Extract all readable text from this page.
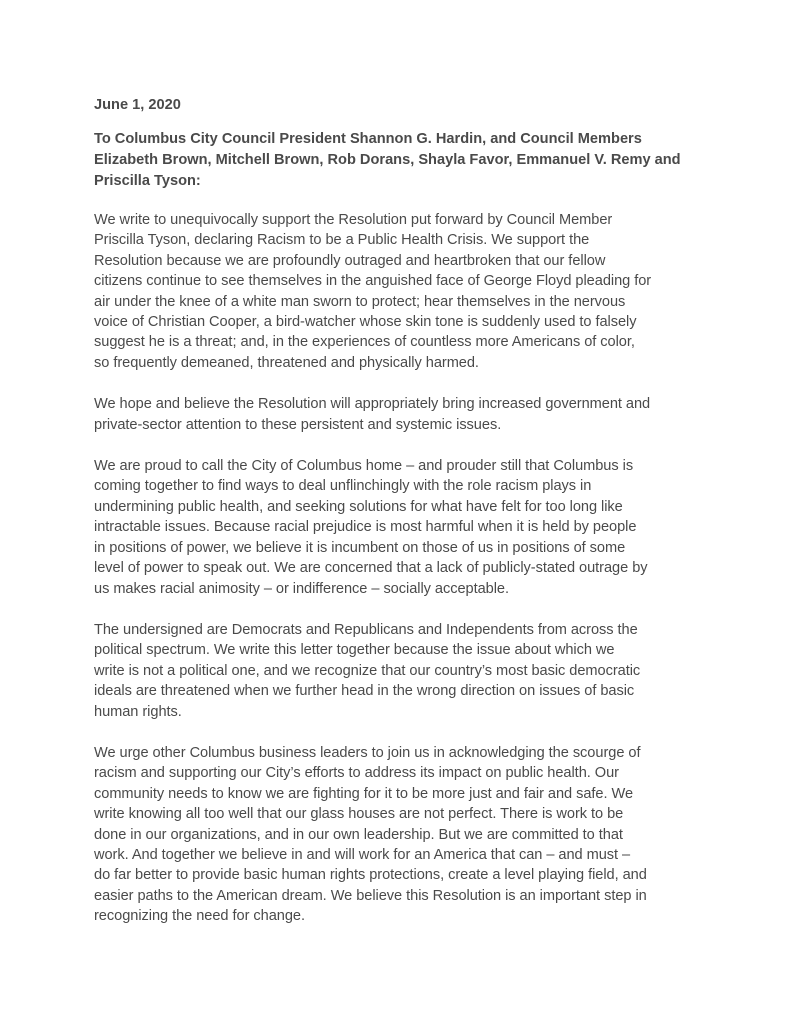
June 1, 2020
To Columbus City Council President Shannon G. Hardin, and Council Members
Elizabeth Brown, Mitchell Brown, Rob Dorans, Shayla Favor, Emmanuel V. Remy and
Priscilla Tyson:
We write to unequivocally support the Resolution put forward by Council Member
Priscilla Tyson, declaring Racism to be a Public Health Crisis. We support the
Resolution because we are profoundly outraged and heartbroken that our fellow
citizens continue to see themselves in the anguished face of George Floyd pleading for
air under the knee of a white man sworn to protect; hear themselves in the nervous
voice of Christian Cooper, a bird-watcher whose skin tone is suddenly used to falsely
suggest he is a threat; and, in the experiences of countless more Americans of color,
so frequently demeaned, threatened and physically harmed.
We hope and believe the Resolution will appropriately bring increased government and
private-sector attention to these persistent and systemic issues.
We are proud to call the City of Columbus home – and prouder still that Columbus is
coming together to find ways to deal unflinchingly with the role racism plays in
undermining public health, and seeking solutions for what have felt for too long like
intractable issues. Because racial prejudice is most harmful when it is held by people
in positions of power, we believe it is incumbent on those of us in positions of some
level of power to speak out. We are concerned that a lack of publicly-stated outrage by
us makes racial animosity – or indifference – socially acceptable.
The undersigned are Democrats and Republicans and Independents from across the
political spectrum. We write this letter together because the issue about which we
write is not a political one, and we recognize that our country’s most basic democratic
ideals are threatened when we further head in the wrong direction on issues of basic
human rights.
We urge other Columbus business leaders to join us in acknowledging the scourge of
racism and supporting our City’s efforts to address its impact on public health. Our
community needs to know we are fighting for it to be more just and fair and safe. We
write knowing all too well that our glass houses are not perfect. There is work to be
done in our organizations, and in our own leadership. But we are committed to that
work. And together we believe in and will work for an America that can – and must –
do far better to provide basic human rights protections, create a level playing field, and
easier paths to the American dream. We believe this Resolution is an important step in
recognizing the need for change.
